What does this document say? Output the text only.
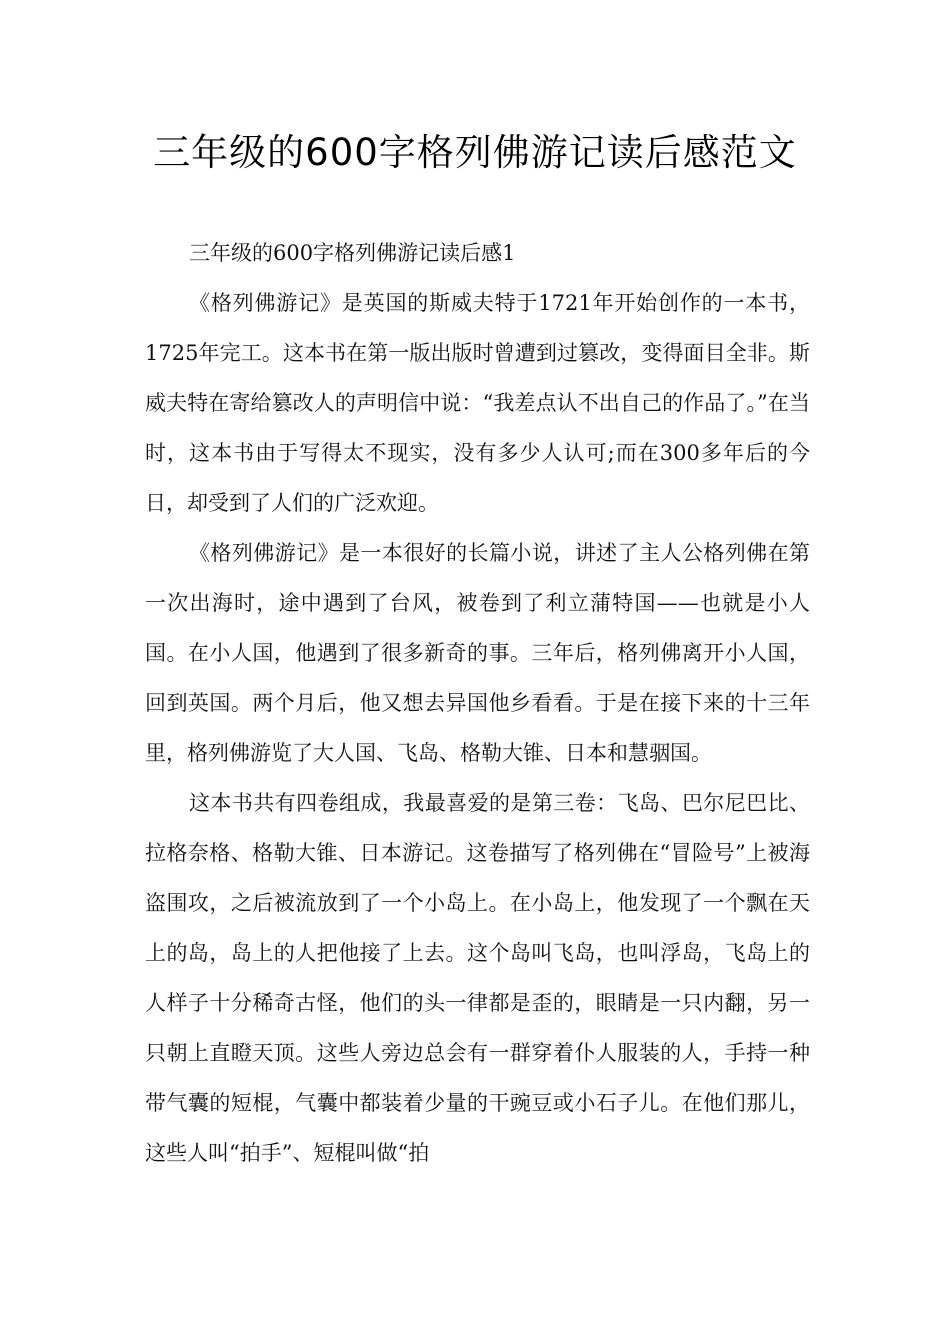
三年级的600字格列佛游记读后感范文

三年级的600字格列佛游记读后感1

《格列佛游记》是英国的斯威夫特于1721年开始创作的一本书，1725年完工。这本书在第一版出版时曾遭到过篡改，变得面目全非。斯威夫特在寄给篡改人的声明信中说：“我差点认不出自己的作品了。”在当时，这本书由于写得太不现实，没有多少人认可;而在300多年后的今日，却受到了人们的广泛欢迎。

《格列佛游记》是一本很好的长篇小说，讲述了主人公格列佛在第一次出海时，途中遇到了台风，被卷到了利立蒲特国——也就是小人国。在小人国，他遇到了很多新奇的事。三年后，格列佛离开小人国，回到英国。两个月后，他又想去异国他乡看看。于是在接下来的十三年里，格列佛游览了大人国、飞岛、格勒大锥、日本和慧骃国。

这本书共有四卷组成，我最喜爱的是第三卷：飞岛、巴尔尼巴比、拉格奈格、格勒大锥、日本游记。这卷描写了格列佛在“冒险号”上被海盗围攻，之后被流放到了一个小岛上。在小岛上，他发现了一个飘在天上的岛，岛上的人把他接了上去。这个岛叫飞岛，也叫浮岛，飞岛上的人样子十分稀奇古怪，他们的头一律都是歪的，眼睛是一只内翻，另一只朝上直瞪天顶。这些人旁边总会有一群穿着仆人服装的人，手持一种带气囊的短棍，气囊中都装着少量的干豌豆或小石子儿。在他们那儿，这些人叫“拍手”、短棍叫做“拍
